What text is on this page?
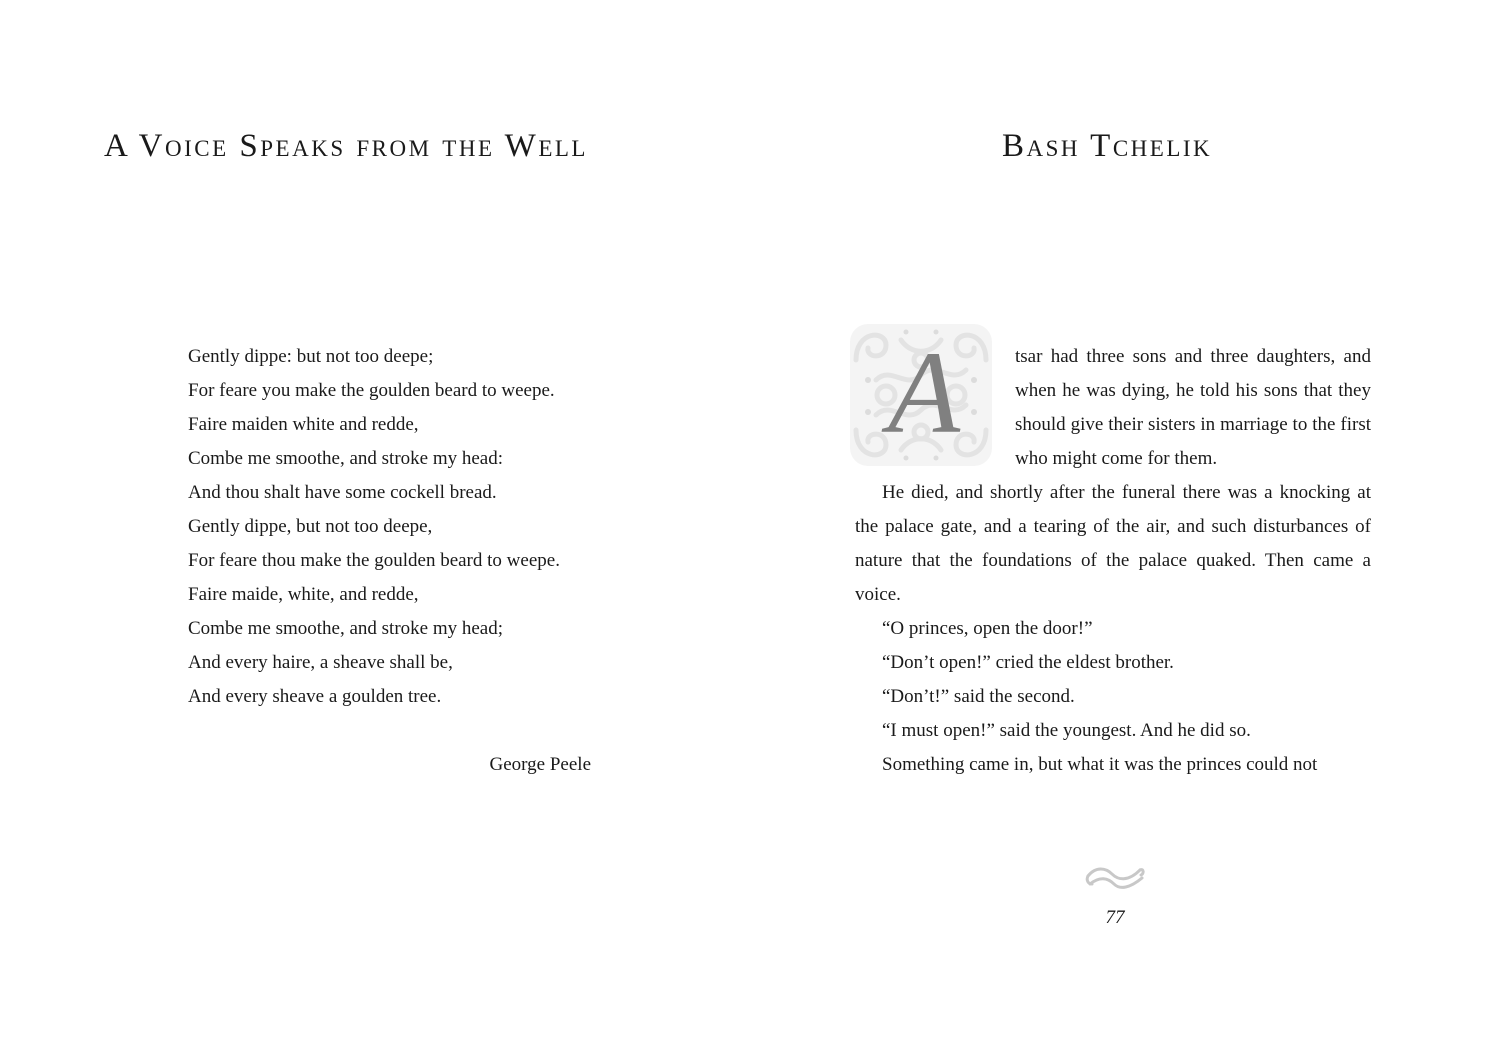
A Voice Speaks from the Well
Gently dippe: but not too deepe;
For feare you make the goulden beard to weepe.
Faire maiden white and redde,
Combe me smoothe, and stroke my head:
And thou shalt have some cockell bread.
Gently dippe, but not too deepe,
For feare thou make the goulden beard to weepe.
Faire maide, white, and redde,
Combe me smoothe, and stroke my head;
And every haire, a sheave shall be,
And every sheave a goulden tree.
George Peele
Bash Tchelik
A	tsar had three sons and three daughters, and when he was dying, he told his sons that they should give their sisters in marriage to the first who might come for them.

He died, and shortly after the funeral there was a knocking at the palace gate, and a tearing of the air, and such disturbances of nature that the foundations of the palace quaked. Then came a voice.

“O princes, open the door!”

“Don’t open!” cried the eldest brother.

“Don’t!” said the second.

“I must open!” said the youngest. And he did so.

Something came in, but what it was the princes could not

77
